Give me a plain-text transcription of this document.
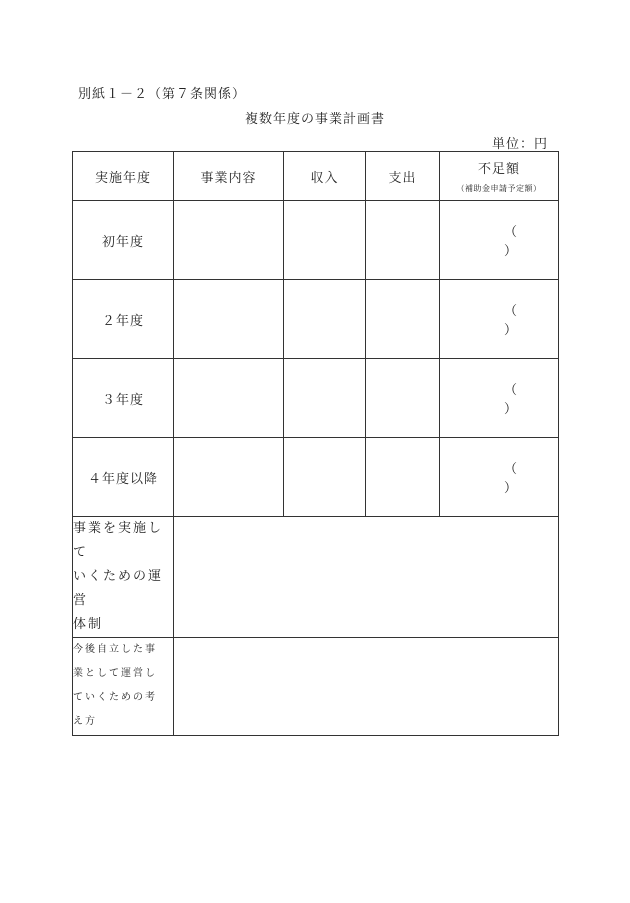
別紙１－２（第７条関係）
複数年度の事業計画書
単位：円
実施年度	事業内容	収入	支出	不足額
（補助金申請予定額）

初年度				（）

２年度				（）

３年度				（）

４年度以降				（）

事業を実施して
いくための運営
体制				

今後自立した事
業として運営し
ていくための考
え方				
